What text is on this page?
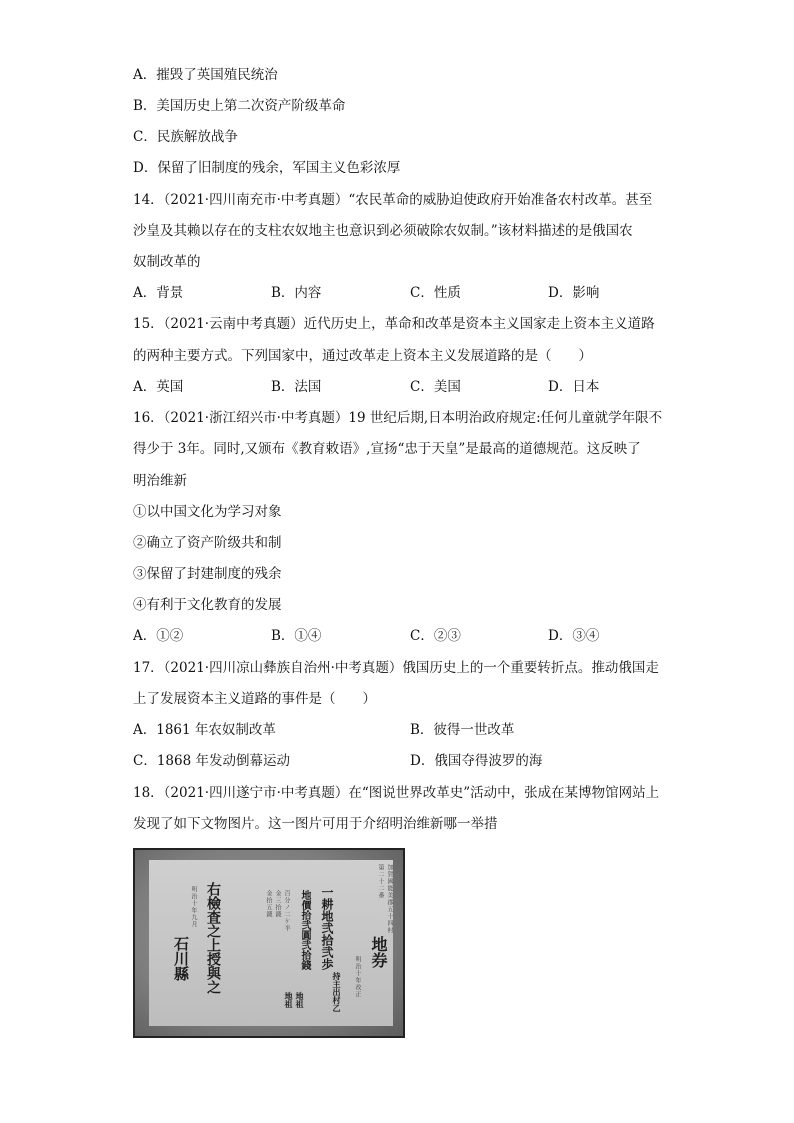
A．摧毁了英国殖民统治
B．美国历史上第二次资产阶级革命
C．民族解放战争
D．保留了旧制度的残余，军国主义色彩浓厚
14．（2021·四川南充市·中考真题）“农民革命的威胁迫使政府开始准备农村改革。甚至
沙皇及其赖以存在的支柱农奴地主也意识到必须破除农奴制。”该材料描述的是俄国农
奴制改革的
A．背景	B．内容	C．性质	D．影响
15．（2021·云南中考真题）近代历史上，革命和改革是资本主义国家走上资本主义道路
的两种主要方式。下列国家中，通过改革走上资本主义发展道路的是（　　）
A．英国	B．法国	C．美国	D．日本
16．（2021·浙江绍兴市·中考真题）19 世纪后期,日本明治政府规定:任何儿童就学年限不
得少于 3年。同时,又颁布《教育敕语》,宣扬“忠于天皇”是最高的道德规范。这反映了
明治维新
①以中国文化为学习对象
②确立了资产阶级共和制
③保留了封建制度的残余
④有利于文化教育的发展
A．①②	B．①④	C．②③	D．③④
17．（2021·四川凉山彝族自治州·中考真题）俄国历史上的一个重要转折点。推动俄国走
上了发展资本主义道路的事件是（　　）
A．1861 年农奴制改革	B．彼得一世改革
C．1868 年发动倒幕运动	D．俄国夺得波罗的海
18．（2021·四川遂宁市·中考真题）在“图说世界改革史”活动中，张成在某博物馆网站上
发现了如下文物图片。这一图片可用于介绍明治维新哪一举措
地券
加賀國能美郡五十四村
第二十二番
明治十年改正
一耕地弐拾弐歩
地價拾弐圓弐拾錢
百分ノ二ケ半
金三拾錢
金拾五錢
持主出村乙
地祖
地祖
右檢査之上授與之
明治十年九月
石川縣
